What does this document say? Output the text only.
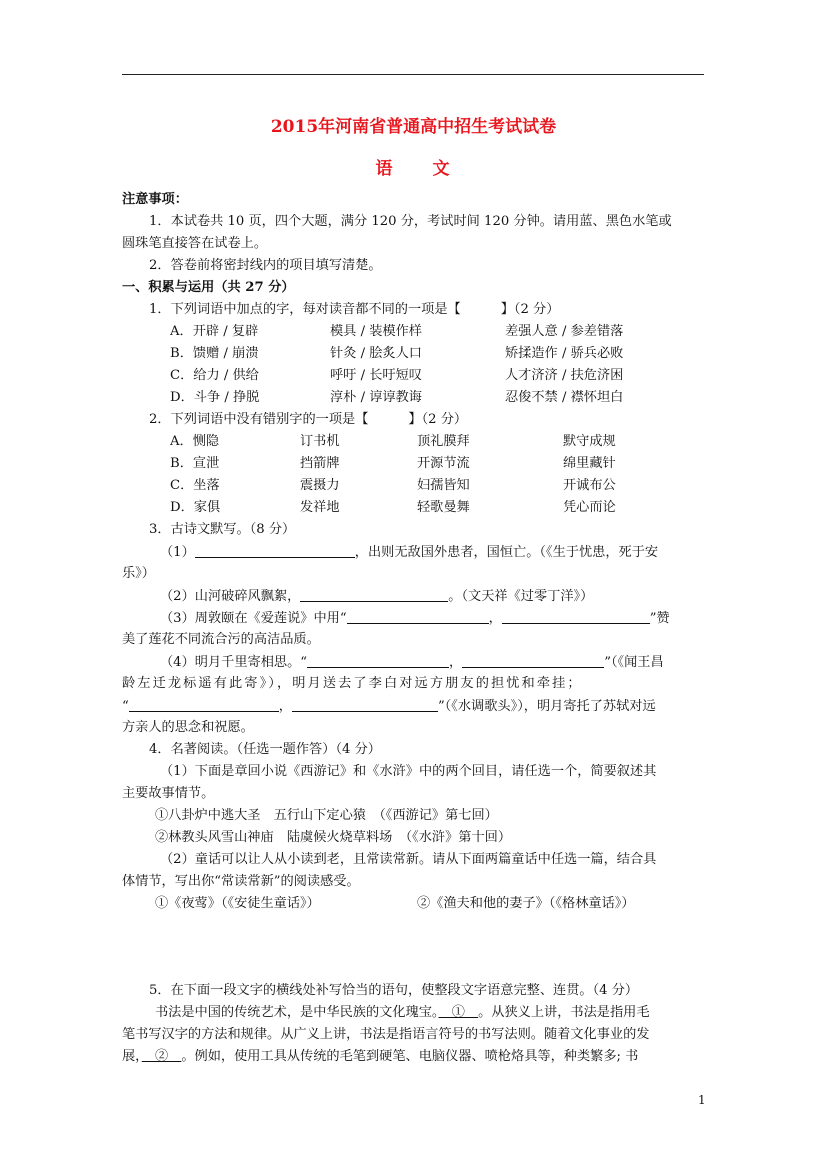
2015年河南省普通高中招生考试试卷
语　　文
注意事项：
1．本试卷共 10 页，四个大题，满分 120 分，考试时间 120 分钟。请用蓝、黑色水笔或
圆珠笔直接答在试卷上。
2．答卷前将密封线内的项目填写清楚。
一、积累与运用（共 27 分）
1．下列词语中加点的字，每对读音都不同的一项是【	】（2 分）
A．开辟 / 复辟	模具 / 装模作样	差强人意 / 参差错落
B．馈赠 / 崩溃	针灸 / 脍炙人口	矫揉造作 / 骄兵必败
C．给力 / 供给	呼吁 / 长吁短叹	人才济济 / 扶危济困
D．斗争 / 挣脱	淳朴 / 谆谆教诲	忍俊不禁 / 襟怀坦白
2．下列词语中没有错别字的一项是【	】（2 分）
A．恻隐	订书机	顶礼膜拜	默守成规
B．宣泄	挡箭牌	开源节流	绵里藏针
C．坐落	震摄力	妇孺皆知	开诚布公
D．家俱	发祥地	轻歌曼舞	凭心而论
3．古诗文默写。（8 分）
（1）	，出则无敌国外患者，国恒亡。（《生于忧患，死于安
乐》）
（2）山河破碎风飘絮，	。（文天祥《过零丁洋》）
（3）周敦颐在《爱莲说》中用“	，	”赞
美了莲花不同流合污的高洁品质。
（4）明月千里寄相思。“	，	”（《闻王昌
龄左迁龙标遥有此寄》），明月送去了李白对远方朋友的担忧和牵挂；
“	，	”（《水调歌头》），明月寄托了苏轼对远
方亲人的思念和祝愿。
4．名著阅读。（任选一题作答）（4 分）
（1）下面是章回小说《西游记》和《水浒》中的两个回目，请任选一个，简要叙述其
主要故事情节。
①八卦炉中逃大圣　五行山下定心猿　（《西游记》第七回）
②林教头风雪山神庙　陆虞候火烧草料场　（《水浒》第十回）
（2）童话可以让人从小读到老，且常读常新。请从下面两篇童话中任选一篇，结合具
体情节，写出你“常读常新”的阅读感受。
①《夜莺》（《安徒生童话》）	②《渔夫和他的妻子》（《格林童话》）
5．在下面一段文字的横线处补写恰当的语句，使整段文字语意完整、连贯。（4 分）
书法是中国的传统艺术，是中华民族的文化瑰宝。　①　。从狭义上讲，书法是指用毛
笔书写汉字的方法和规律。从广义上讲，书法是指语言符号的书写法则。随着文化事业的发
展，　②　。例如，使用工具从传统的毛笔到硬笔、电脑仪器、喷枪烙具等，种类繁多; 书
1
